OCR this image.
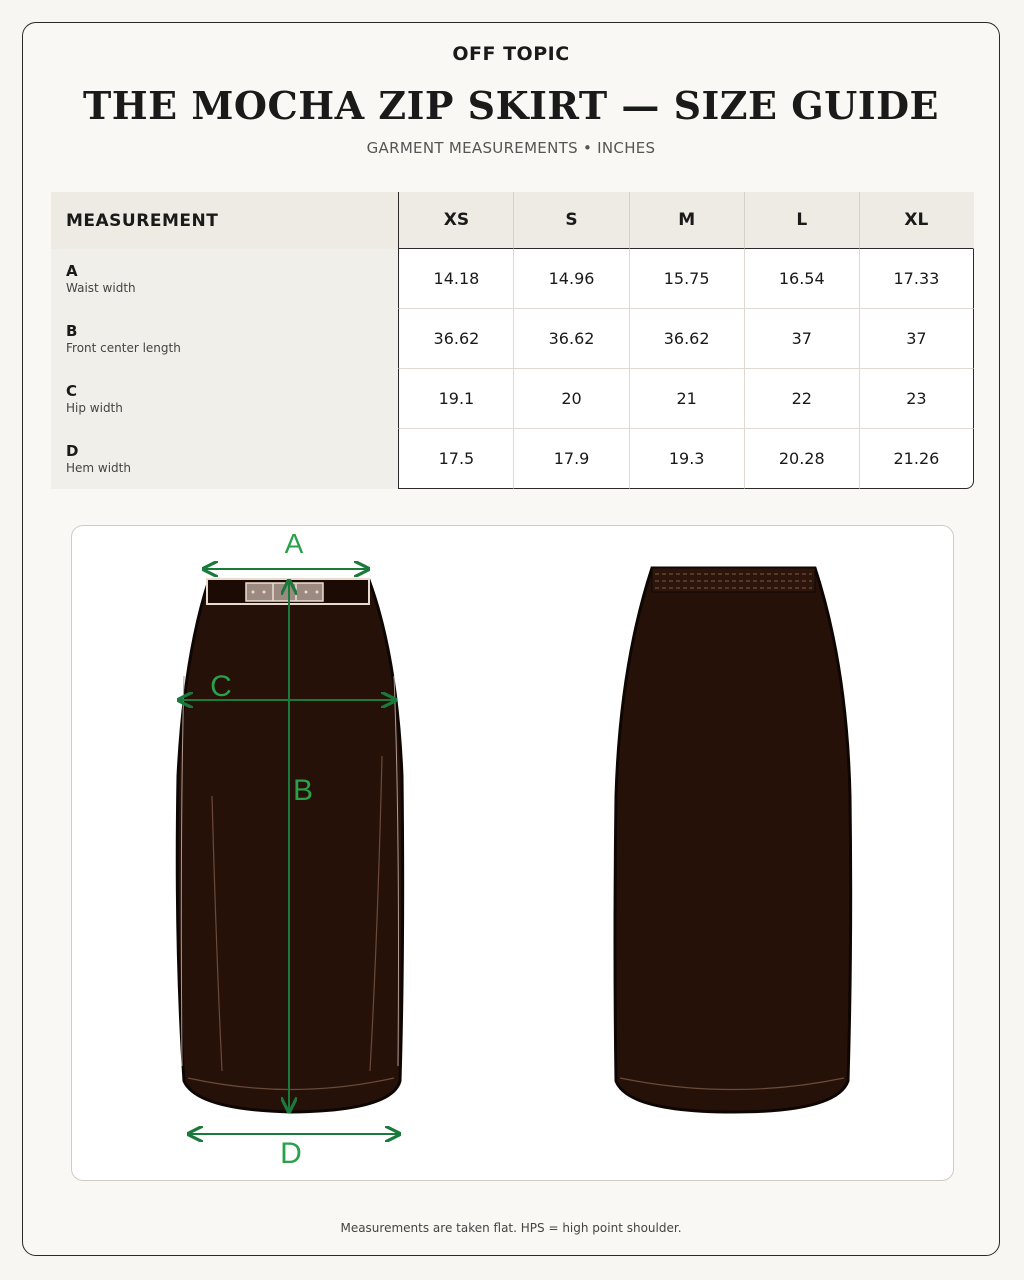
OFF TOPIC
THE MOCHA ZIP SKIRT — SIZE GUIDE
GARMENT MEASUREMENTS • INCHES
MEASUREMENT	XS	S	M	L	XL

A
Waist width	14.18	14.96	15.75	16.54	17.33

B
Front center length	36.62	36.62	36.62	37	37

C
Hip width	19.1	20	21	22	23

D
Hem width	17.5	17.9	19.3	20.28	21.26
A
B
C
D
Measurements are taken flat. HPS = high point shoulder.
